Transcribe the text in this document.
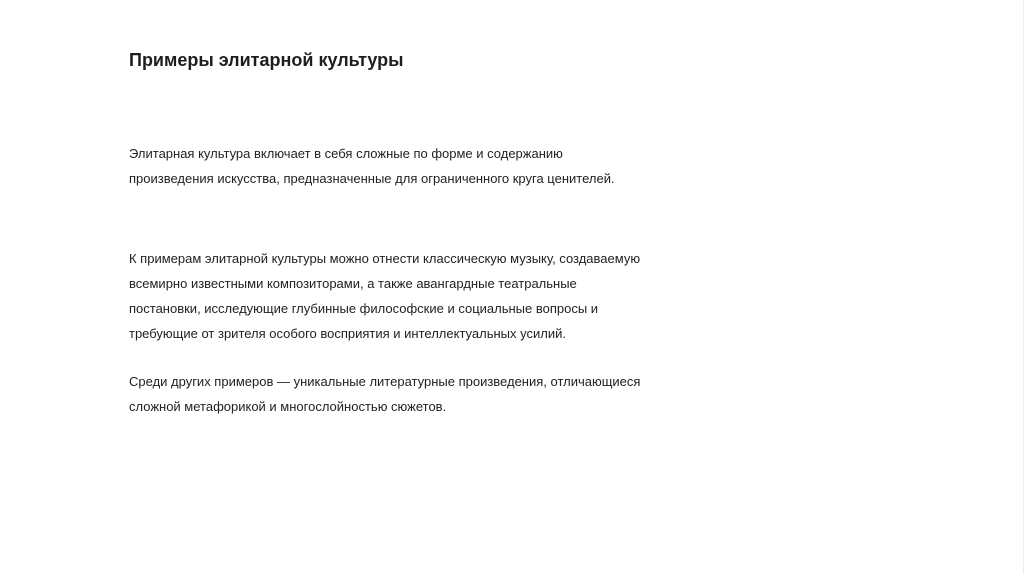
Примеры элитарной культуры

Элитарная культура включает в себя сложные по форме и содержанию
произведения искусства, предназначенные для ограниченного круга ценителей.

К примерам элитарной культуры можно отнести классическую музыку, создаваемую
всемирно известными композиторами, а также авангардные театральные
постановки, исследующие глубинные философские и социальные вопросы и
требующие от зрителя особого восприятия и интеллектуальных усилий.

Среди других примеров — уникальные литературные произведения, отличающиеся
сложной метафорикой и многослойностью сюжетов.
